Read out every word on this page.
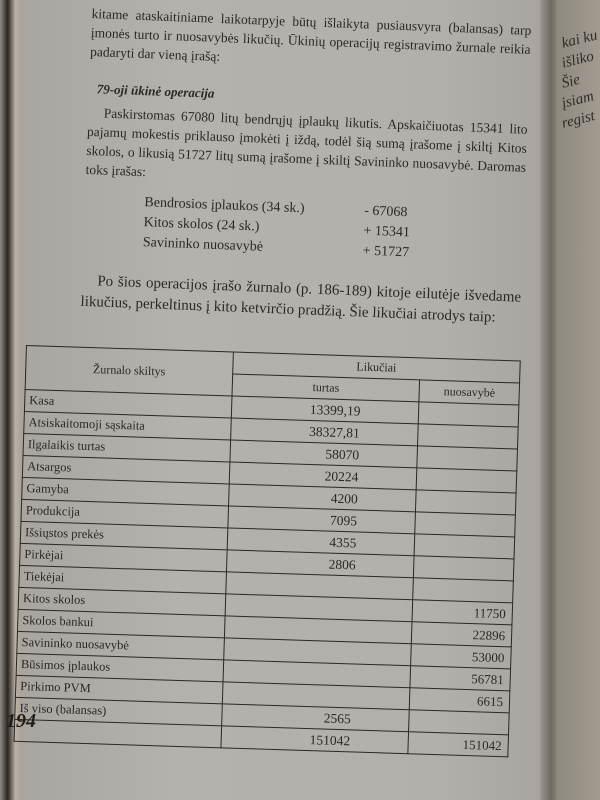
kai ku
išliko
Šie
įsiam
regist

kitame ataskaitiniame laikotarpyje būtų išlaikyta pusiausvyra (balansas) tarp įmonės turto ir nuosavybės likučių. Ūkinių operacijų registravimo žurnale reikia padaryti dar vieną įrašą:

79-oji ūkinė operacija

Paskirstomas 67080 litų bendrųjų įplaukų likutis. Apskaičiuotas 15341 lito pajamų mokestis priklauso įmokėti į iždą, todėl šią sumą įrašome į skiltį Kitos skolos, o likusią 51727 litų sumą įrašome į skiltį Savininko nuosavybė. Daromas toks įrašas:

Bendrosios įplaukos (34 sk.)	- 67068
Kitos skolos (24 sk.)	+ 15341
Savininko nuosavybė	+ 51727

Po šios operacijos įrašo žurnalo (p. 186-189) kitoje eilutėje išvedame likučius, perkeltinus į kito ketvirčio pradžią. Šie likučiai atrodys taip:

Žurnalo skiltys	Likučiai	
	turtas	nuosavybė
Kasa	13399,19	
Atsiskaitomoji sąskaita	38327,81	
Ilgalaikis turtas	58070	
Atsargos	20224	
Gamyba	4200	
Produkcija	7095	
Išsiųstos prekės	4355	
Pirkėjai	2806	
Tiekėjai		
Kitos skolos		11750
Skolos bankui		22896
Savininko nuosavybė		53000
Būsimos įplaukos		56781
Pirkimo PVM		6615
Iš viso (balansas)	2565	
	151042	151042
194
